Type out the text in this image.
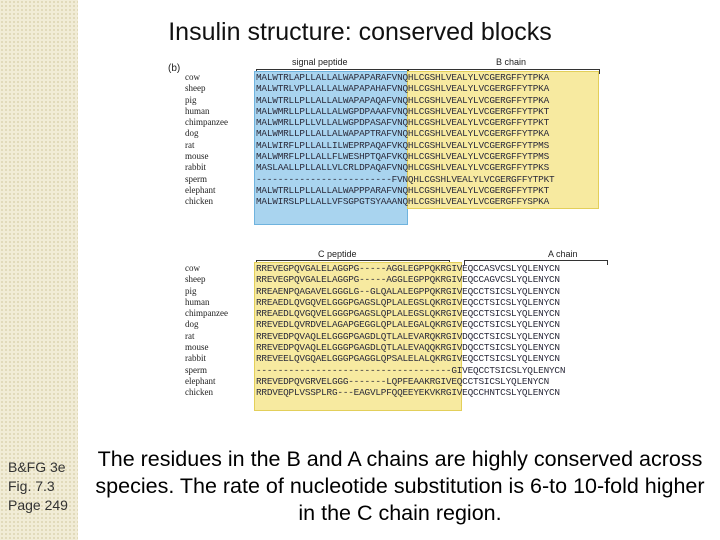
Insulin structure: conserved blocks
(b)
signal peptide	B chain
cow
sheep
pig
human
chimpanzee
dog
rat
mouse
rabbit
sperm
elephant
chicken
MALWTRLAPLLALLALWAPAPARAFVNQHLCGSHLVEALYLVCGERGFFYTPKA
MALWTRLVPLLALLALWAPAPAHAFVNQHLCGSHLVEALYLVCGERGFFYTPKA
MALWTRLLPLLALLALWAPAPAQAFVNQHLCGSHLVEALYLVCGERGFFYTPKA
MALWMRLLPLLALLALWGPDPAAAFVNQHLCGSHLVEALYLVCGERGFFYTPKT
MALWMRLLPLLVLLALWGPDPASAFVNQHLCGSHLVEALYLVCGERGFFYTPKT
MALWMRLLPLLALLALWAPAPTRAFVNQHLCGSHLVEALYLVCGERGFFYTPKA
MALWIRFLPLLALLILWEPRPAQAFVKQHLCGSHLVEALYLVCGERGFFYTPMS
MALWMRFLPLLALLFLWESHPTQAFVKQHLCGSHLVEALYLVCGERGFFYTPMS
MASLAALLPLLALLVLCRLDPAQAFVNQHLCGSHLVEALYLVCGERGFFYTPKS
-------------------------FVNQHLCGSHLVEALYLVCGERGFFYTPKT
MALWTRLLPLLALLALWAPPPARAFVNQHLCGSHLVEALYLVCGERGFFYTPKT
MALWIRSLPLLALLVFSGPGTSYAAANQHLCGSHLVEALYLVCGERGFFYSPKA
C peptide	A chain
cow
sheep
pig
human
chimpanzee
dog
rat
mouse
rabbit
sperm
elephant
chicken
RREVEGPQVGALELAGGPG-----AGGLEGPPQKRGIVEQCCASVCSLYQLENYCN
RREVEGPQVGALELAGGPG-----AGGLEGPPQKRGIVEQCCAGVCSLYQLENYCN
RREAENPQAGAVELGGGLG--GLQALALEGPPQKRGIVEQCCTSICSLYQLENYCN
RREAEDLQVGQVELGGGPGAGSLQPLALEGSLQKRGIVEQCCTSICSLYQLENYCN
RREAEDLQVGQVELGGGPGAGSLQPLALEGSLQKRGIVEQCCTSICSLYQLENYCN
RREVEDLQVRDVELAGAPGEGGLQPLALEGALQKRGIVEQCCTSICSLYQLENYCN
RREVEDPQVAQLELGGGPGAGDLQTLALEVARQKRGIVDQCCTSICSLYQLENYCN
RREVEDPQVAQLELGGGPGAGDLQTLALEVAQQKRGIVDQCCTSICSLYQLENYCN
RREVEELQVGQAELGGGPGAGGLQPSALELALQKRGIVEQCCTSICSLYQLENYCN
------------------------------------GIVEQCCTSICSLYQLENYCN
RREVEDPQVGRVELGGG-------LQPFEAAKRGIVEQCCTSICSLYQLENYCN
RRDVEQPLVSSPLRG---EAGVLPFQQEEYEKVKRGIVEQCCHNTCSLYQLENYCN
B&FG 3e
Fig. 7.3
Page 249
The residues in the B and A chains are highly conserved across species. The rate of nucleotide substitution is 6-to 10-fold higher in the C chain region.
